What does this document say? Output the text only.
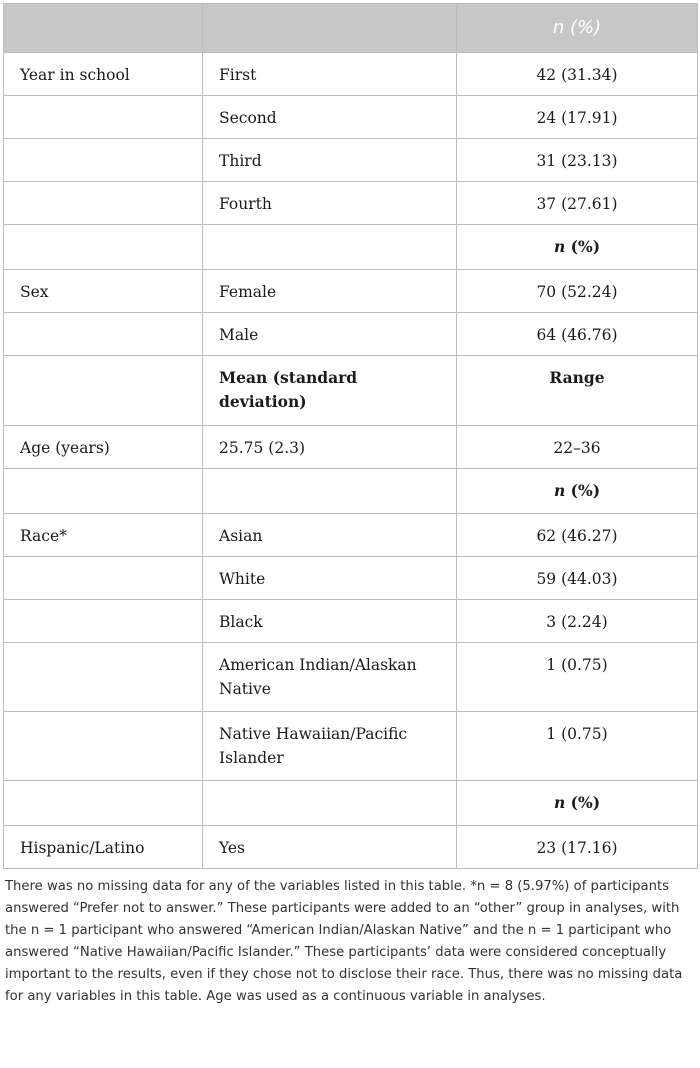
		n (%)
Year in school	First	42 (31.34)
	Second	24 (17.91)
	Third	31 (23.13)
	Fourth	37 (27.61)
		n (%)
Sex	Female	70 (52.24)
	Male	64 (46.76)
	Mean (standard deviation)	Range
Age (years)	25.75 (2.3)	22–36
		n (%)
Race*	Asian	62 (46.27)
	White	59 (44.03)
	Black	3 (2.24)
	American Indian/Alaskan Native	1 (0.75)
	Native Hawaiian/Pacific Islander	1 (0.75)
		n (%)
Hispanic/Latino	Yes	23 (17.16)

There was no missing data for any of the variables listed in this table. *n = 8 (5.97%) of participants answered “Prefer not to answer.” These participants were added to an “other” group in analyses, with the n = 1 participant who answered “American Indian/Alaskan Native” and the n = 1 participant who answered “Native Hawaiian/Pacific Islander.” These participants’ data were considered conceptually important to the results, even if they chose not to disclose their race. Thus, there was no missing data for any variables in this table. Age was used as a continuous variable in analyses.
